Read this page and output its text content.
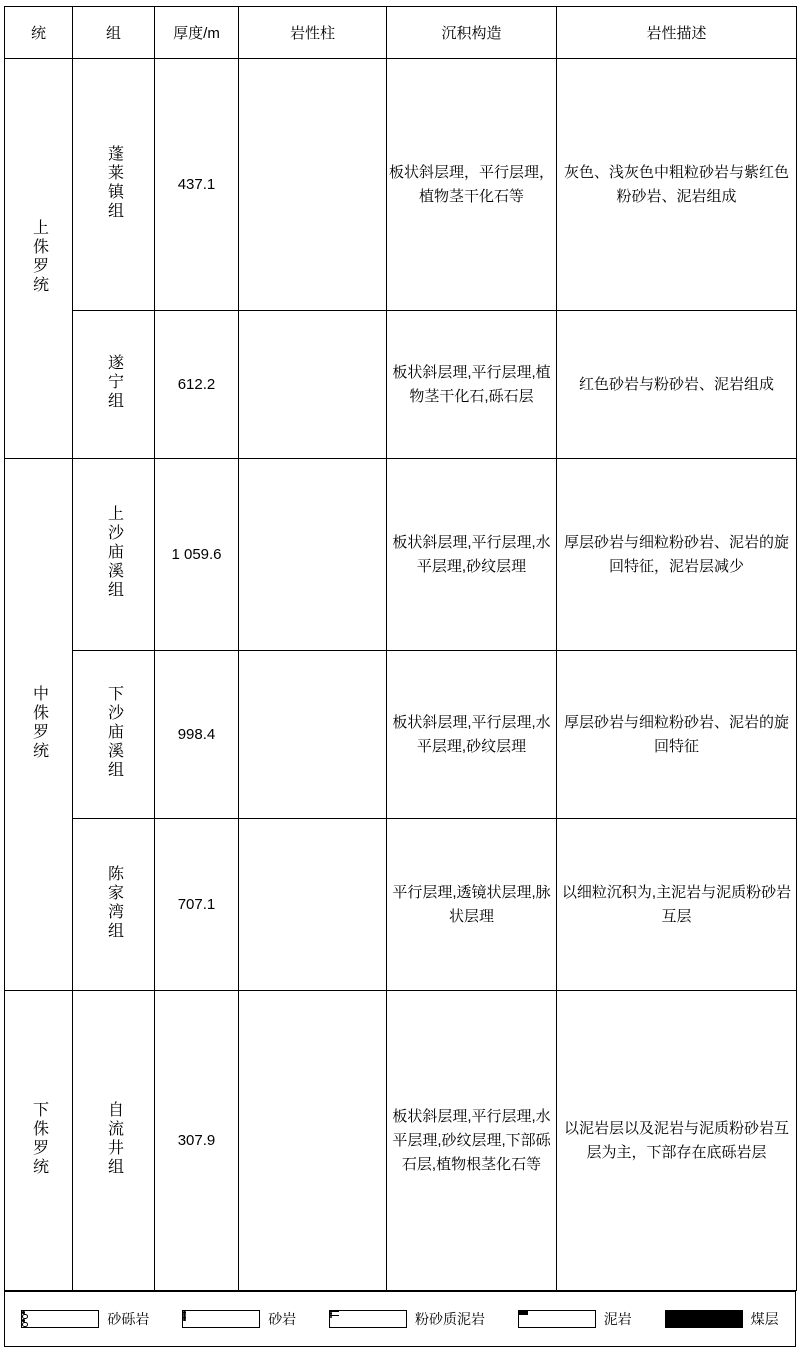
统	组	厚度/m	岩性柱	沉积构造	岩性描述
上侏罗统	蓬莱镇组	437.1		板状斜层理，平行层理，植物茎干化石等	灰色、浅灰色中粗粒砂岩与紫红色粉砂岩、泥岩组成
	遂宁组	612.2		板状斜层理,平行层理,植物茎干化石,砾石层	红色砂岩与粉砂岩、泥岩组成
中侏罗统	上沙庙溪组	1 059.6		板状斜层理,平行层理,水平层理,砂纹层理	厚层砂岩与细粒粉砂岩、泥岩的旋回特征，泥岩层减少
	下沙庙溪组	998.4		板状斜层理,平行层理,水平层理,砂纹层理	厚层砂岩与细粒粉砂岩、泥岩的旋回特征
	陈家湾组	707.1		平行层理,透镜状层理,脉状层理	以细粒沉积为,主泥岩与泥质粉砂岩互层
下侏罗统	自流井组	307.9		板状斜层理,平行层理,水平层理,砂纹层理,下部砾石层,植物根茎化石等	以泥岩层以及泥岩与泥质粉砂岩互层为主，下部存在底砾岩层
砂砾岩	砂岩	粉砂质泥岩	泥岩	煤层
